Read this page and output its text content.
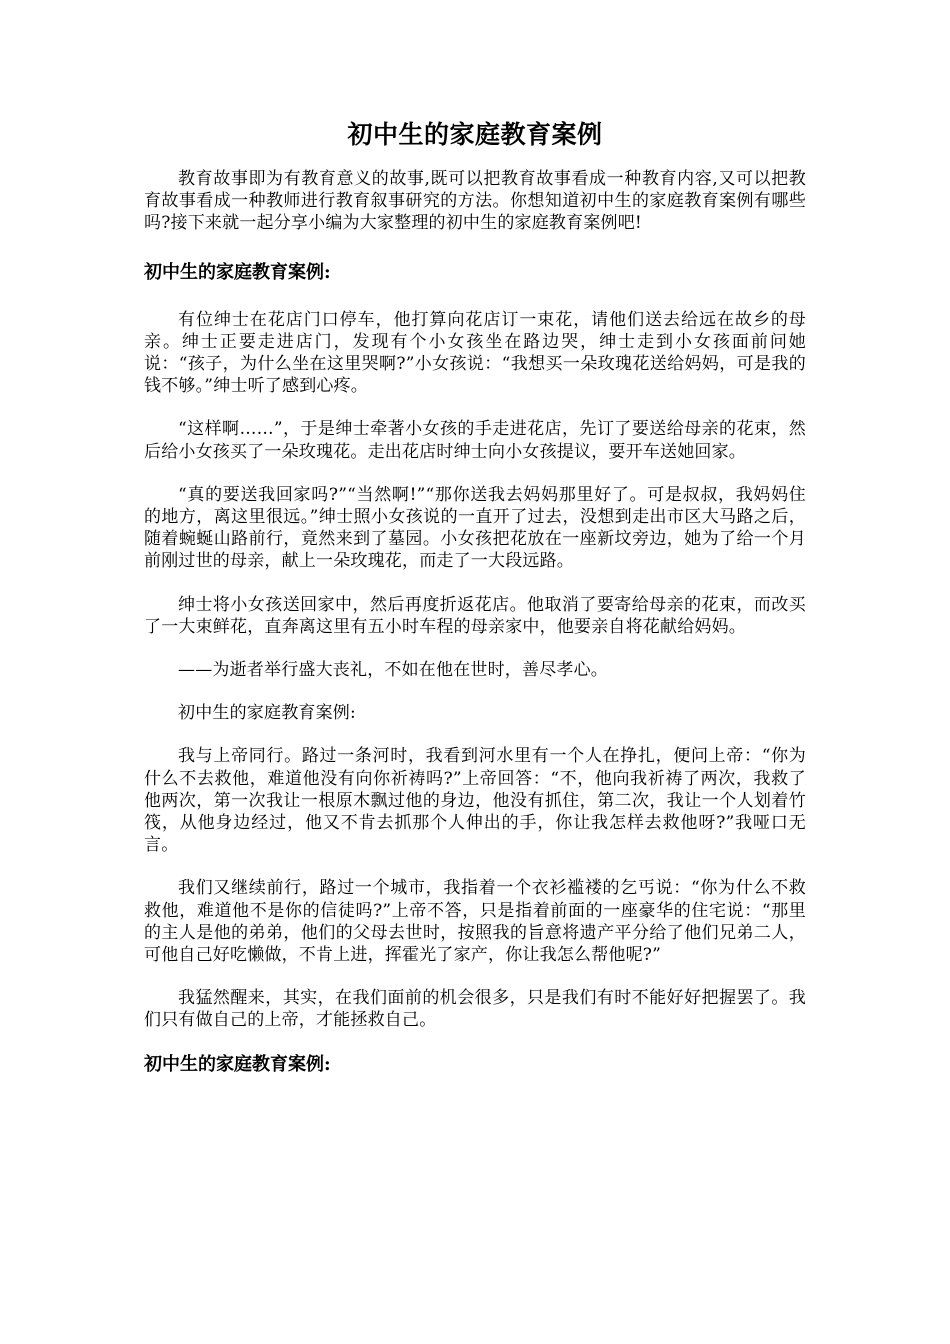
初中生的家庭教育案例

教育故事即为有教育意义的故事,既可以把教育故事看成一种教育内容,又可以把教育故事看成一种教师进行教育叙事研究的方法。你想知道初中生的家庭教育案例有哪些吗?接下来就一起分享小编为大家整理的初中生的家庭教育案例吧!

初中生的家庭教育案例:

有位绅士在花店门口停车，他打算向花店订一束花，请他们送去给远在故乡的母亲。绅士正要走进店门，发现有个小女孩坐在路边哭，绅士走到小女孩面前问她说：“孩子，为什么坐在这里哭啊?”小女孩说：“我想买一朵玫瑰花送给妈妈，可是我的钱不够。”绅士听了感到心疼。

“这样啊……”，于是绅士牵著小女孩的手走进花店，先订了要送给母亲的花束，然后给小女孩买了一朵玫瑰花。走出花店时绅士向小女孩提议，要开车送她回家。

“真的要送我回家吗?”“当然啊!”“那你送我去妈妈那里好了。可是叔叔，我妈妈住的地方，离这里很远。”绅士照小女孩说的一直开了过去，没想到走出市区大马路之后，随着蜿蜒山路前行，竟然来到了墓园。小女孩把花放在一座新坟旁边，她为了给一个月前刚过世的母亲，献上一朵玫瑰花，而走了一大段远路。

绅士将小女孩送回家中，然后再度折返花店。他取消了要寄给母亲的花束，而改买了一大束鲜花，直奔离这里有五小时车程的母亲家中，他要亲自将花献给妈妈。

——为逝者举行盛大丧礼，不如在他在世时，善尽孝心。

初中生的家庭教育案例:

我与上帝同行。路过一条河时，我看到河水里有一个人在挣扎，便问上帝：“你为什么不去救他，难道他没有向你祈祷吗?”上帝回答：“不，他向我祈祷了两次，我救了他两次，第一次我让一根原木飘过他的身边，他没有抓住，第二次，我让一个人划着竹筏，从他身边经过，他又不肯去抓那个人伸出的手，你让我怎样去救他呀?”我哑口无言。

我们又继续前行，路过一个城市，我指着一个衣衫褴褛的乞丐说：“你为什么不救救他，难道他不是你的信徒吗?”上帝不答，只是指着前面的一座豪华的住宅说：“那里的主人是他的弟弟，他们的父母去世时，按照我的旨意将遗产平分给了他们兄弟二人，可他自己好吃懒做，不肯上进，挥霍光了家产，你让我怎么帮他呢?”

我猛然醒来，其实，在我们面前的机会很多，只是我们有时不能好好把握罢了。我们只有做自己的上帝，才能拯救自己。

初中生的家庭教育案例:
